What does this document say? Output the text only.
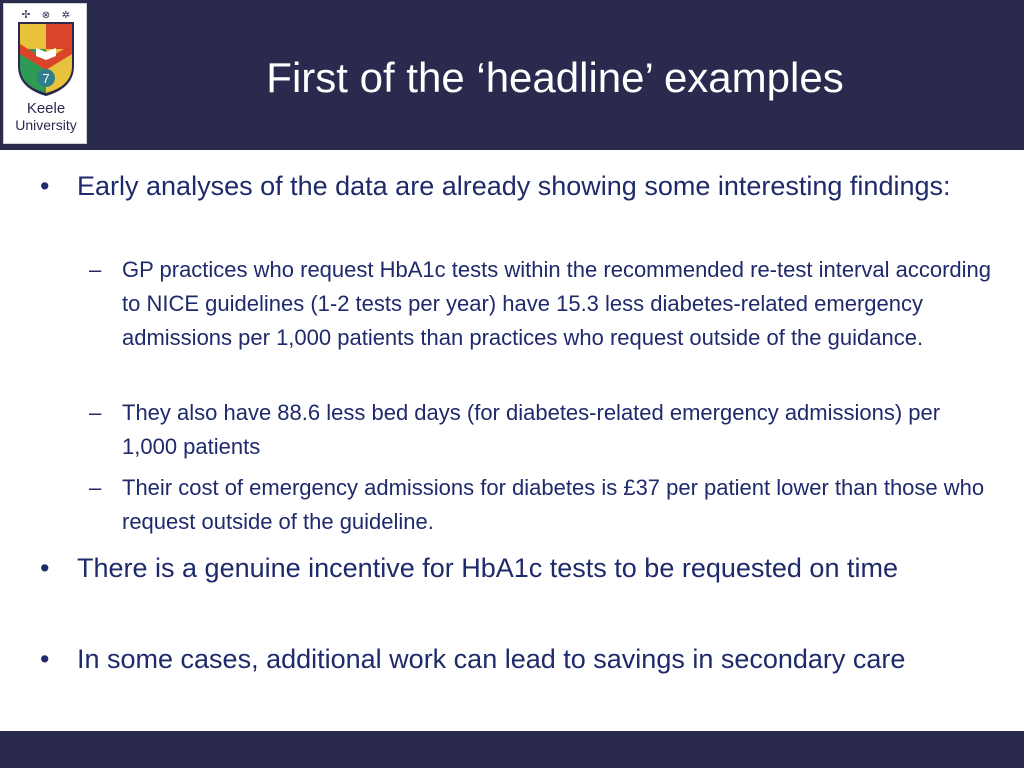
✢ ⊗ ✲
7
Keele
University
First of the ‘headline’ examples
• Early analyses of the data are already showing some interesting findings:
– GP practices who request HbA1c tests within the recommended re-test interval according to NICE guidelines (1-2 tests per year) have 15.3 less diabetes-related emergency admissions per 1,000 patients than practices who request outside of the guidance.
– They also have 88.6 less bed days (for diabetes-related emergency admissions) per 1,000 patients
– Their cost of emergency admissions for diabetes is £37 per patient lower than those who request outside of the guideline.
• There is a genuine incentive for HbA1c tests to be requested on time
• In some cases, additional work can lead to savings in secondary care
